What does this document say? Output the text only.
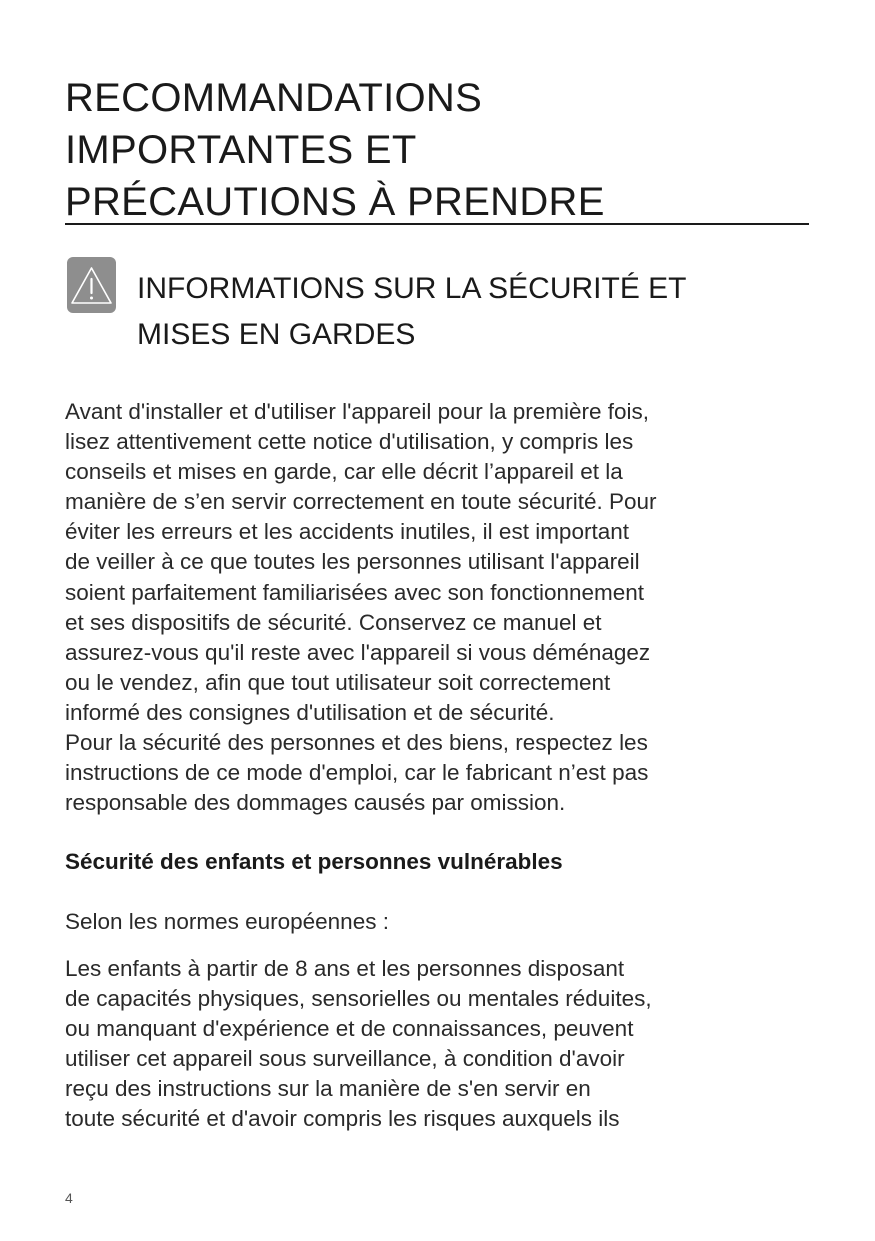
RECOMMANDATIONS
IMPORTANTES ET
PRÉCAUTIONS À PRENDRE
INFORMATIONS SUR LA SÉCURITÉ ET
MISES EN GARDES
Avant d'installer et d'utiliser l'appareil pour la première fois,
lisez attentivement cette notice d'utilisation, y compris les
conseils et mises en garde, car elle décrit l’appareil et la
manière de s’en servir correctement en toute sécurité. Pour
éviter les erreurs et les accidents inutiles, il est important
de veiller à ce que toutes les personnes utilisant l'appareil
soient parfaitement familiarisées avec son fonctionnement
et ses dispositifs de sécurité. Conservez ce manuel et
assurez-vous qu'il reste avec l'appareil si vous déménagez
ou le vendez, afin que tout utilisateur soit correctement
informé des consignes d'utilisation et de sécurité.
Pour la sécurité des personnes et des biens, respectez les
instructions de ce mode d'emploi, car le fabricant n’est pas
responsable des dommages causés par omission.
Sécurité des enfants et personnes vulnérables
Selon les normes européennes :
Les enfants à partir de 8 ans et les personnes disposant
de capacités physiques, sensorielles ou mentales réduites,
ou manquant d'expérience et de connaissances, peuvent
utiliser cet appareil sous surveillance, à condition d'avoir
reçu des instructions sur la manière de s'en servir en
toute sécurité et d'avoir compris les risques auxquels ils
4
